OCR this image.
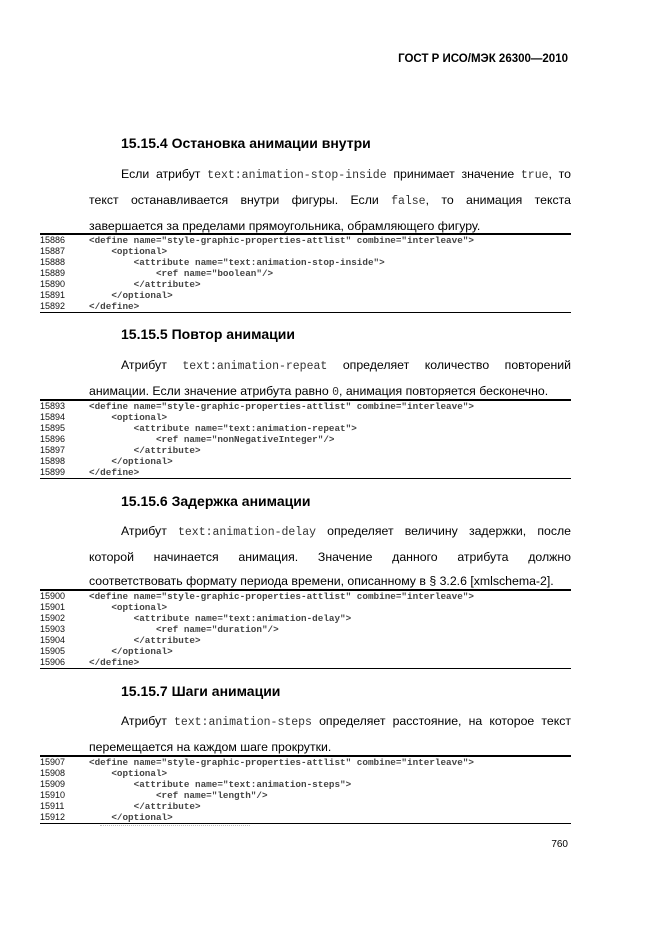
ГОСТ Р ИСО/МЭК 26300—2010
15.15.4 Остановка анимации внутри
Если атрибут text:animation-stop-inside принимает значение true, то
текст останавливается внутри фигуры. Если false, то анимация текста
завершается за пределами прямоугольника, обрамляющего фигуру.
15886	<define name="style-graphic-properties-attlist" combine="interleave">
15887	<optional>
15888	<attribute name="text:animation-stop-inside">
15889	<ref name="boolean"/>
15890	</attribute>
15891	</optional>
15892	</define>
15.15.5 Повтор анимации
Атрибут text:animation-repeat определяет количество повторений
анимации. Если значение атрибута равно 0, анимация повторяется бесконечно.
15893	<define name="style-graphic-properties-attlist" combine="interleave">
15894	<optional>
15895	<attribute name="text:animation-repeat">
15896	<ref name="nonNegativeInteger"/>
15897	</attribute>
15898	</optional>
15899	</define>
15.15.6 Задержка анимации
Атрибут text:animation-delay определяет величину задержки, после
которой начинается анимация. Значение данного атрибута должно
соответствовать формату периода времени, описанному в § 3.2.6 [xmlschema-2].
15900	<define name="style-graphic-properties-attlist" combine="interleave">
15901	<optional>
15902	<attribute name="text:animation-delay">
15903	<ref name="duration"/>
15904	</attribute>
15905	</optional>
15906	</define>
15.15.7 Шаги анимации
Атрибут text:animation-steps определяет расстояние, на которое текст
перемещается на каждом шаге прокрутки.
15907	<define name="style-graphic-properties-attlist" combine="interleave">
15908	<optional>
15909	<attribute name="text:animation-steps">
15910	<ref name="length"/>
15911	</attribute>
15912	</optional>
760
